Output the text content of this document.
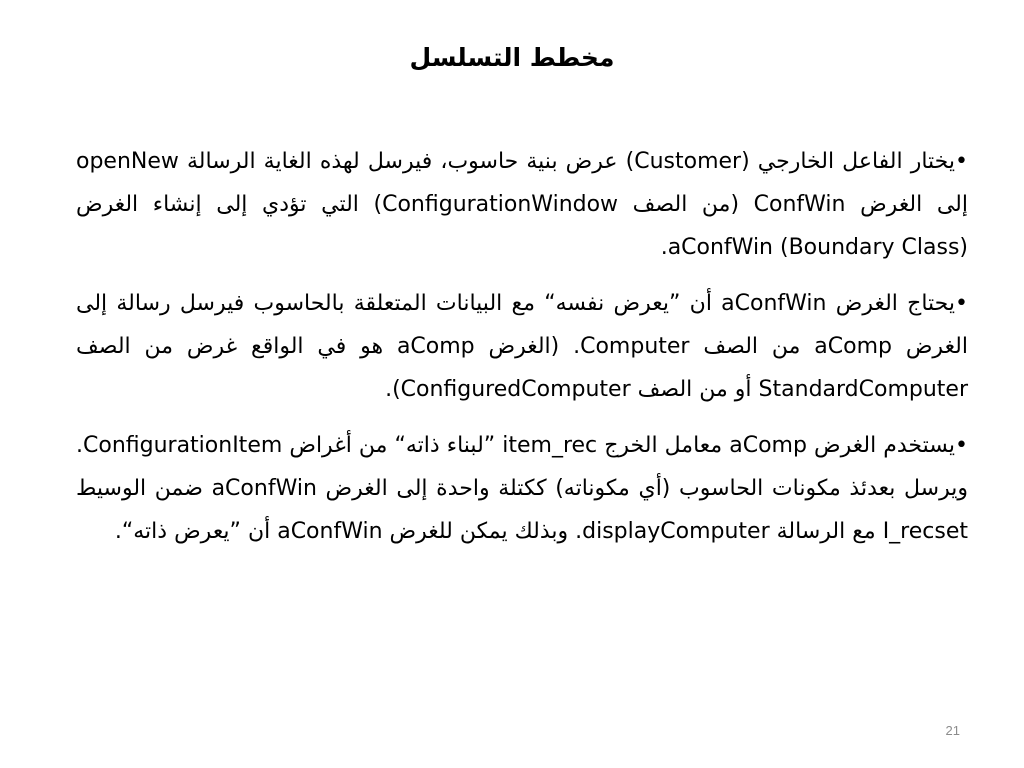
مخطط التسلسل

•يختار الفاعل الخارجي (Customer) عرض بنية حاسوب، فيرسل لهذه الغاية الرسالة openNew إلى الغرض ConfWin (من الصف ConfigurationWindow) التي تؤدي إلى إنشاء الغرض aConfWin (Boundary Class).

•يحتاج الغرض aConfWin أن ”يعرض نفسه“ مع البيانات المتعلقة بالحاسوب فيرسل رسالة إلى الغرض aComp من الصف Computer. (الغرض aComp هو في الواقع غرض من الصف StandardComputer أو من الصف ConfiguredComputer).

•يستخدم الغرض aComp معامل الخرج item_rec ”لبناء ذاته“ من أغراض ConfigurationItem. ويرسل بعدئذ مكونات الحاسوب (أي مكوناته) ككتلة واحدة إلى الغرض aConfWin ضمن الوسيط I_recset مع الرسالة displayComputer. وبذلك يمكن للغرض aConfWin أن ”يعرض ذاته“.

21
